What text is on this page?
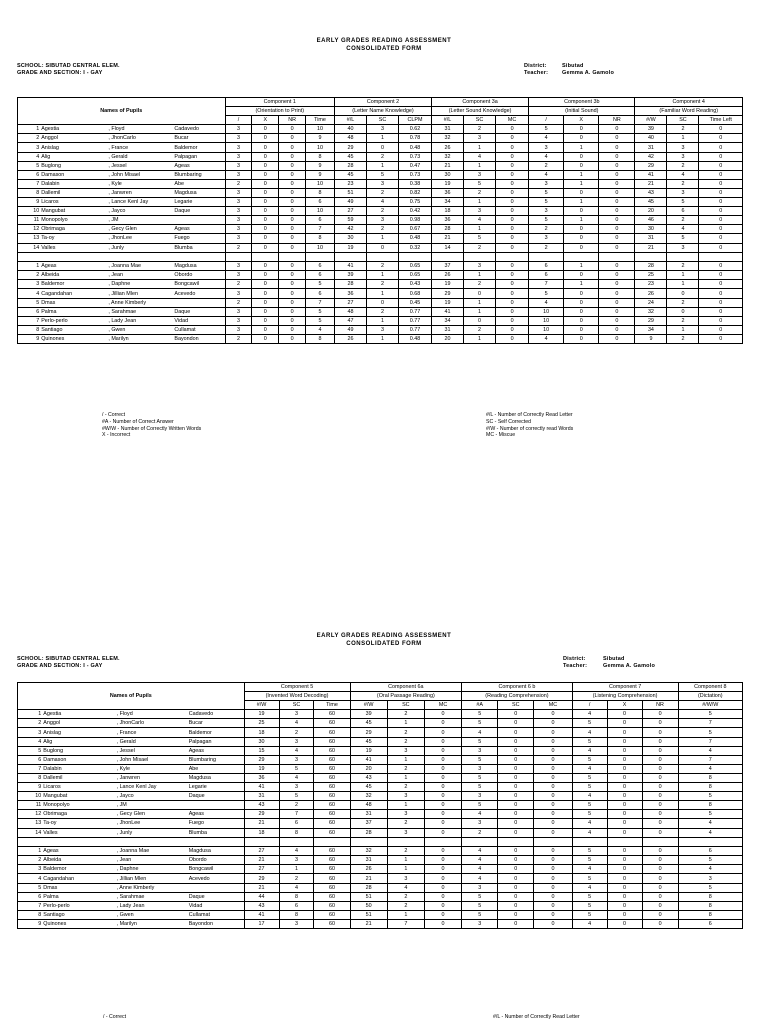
EARLY GRADES READING ASSESSMENT
CONSOLIDATED FORM
SCHOOL: SIBUTAD CENTRAL ELEM.
GRADE AND SECTION: I - GAY
District:	Sibutad
Teacher:	Gemma A. Gamolo
Names of Pupils				Component 1				Component 2			Component 3a			Component 3b			Component 4		
				(Orientation to Print)				(Letter Name Knowledge)			(Letter Sound Knowledge)			(Initial Sound)			(Familiar Word Reading)		
				/	X	NR	Time	#/L	SC	CLPM	#/L	SC	MC	/	X	NR	#/W	SC	Time Left
1	Agestia	, Floyd	Cadavedo	3	0	0	10	40	3	0.62	31	2	0	5	0	0	39	2	0
2	Anggol	, JhonCarlo	Bucar	3	0	0	9	48	1	0.78	32	3	0	4	0	0	40	1	0
3	Anislag	, France	Baldemor	3	0	0	10	29	0	0.48	26	1	0	3	1	0	31	3	0
4	Alig	, Gerald	Palpagan	3	0	0	8	45	2	0.73	32	4	0	4	0	0	42	3	0
5	Buglong	, Jessel	Ageas	3	0	0	9	28	1	0.47	21	1	0	2	0	0	29	2	0
6	Damason	, John Misael	Blumbaring	3	0	0	9	45	5	0.73	30	3	0	4	1	0	41	4	0
7	Dalabin	, Kyle	Abe	2	0	0	10	23	3	0.38	19	5	0	3	1	0	21	2	0
8	Dallemil	, Janwren	Magdusa	3	0	0	8	51	2	0.82	36	2	0	5	0	0	43	3	0
9	Licaros	, Lance Kenl Jay	Legarie	3	0	0	6	49	4	0.75	34	1	0	5	1	0	45	5	0
10	Mangubat	, Jayco	Daque	3	0	0	10	27	2	0.42	18	3	0	3	0	0	20	6	0
11	Monopolyo	, JM		3	0	0	6	59	3	0.98	36	4	0	5	1	0	46	2	0
12	Obrimaga	, Gecy Glen	Ageas	3	0	0	7	42	2	0.67	28	1	0	2	0	0	30	4	0
13	Ta-oy	, JhonLee	Fuego	3	0	0	8	30	1	0.48	21	5	0	3	0	0	31	5	0
14	Valles	, Junly	Blumba	2	0	0	10	19	0	0.32	14	2	0	2	0	0	21	3	0

1	Ageas	, Joanna Mae	Magdusa	3	0	0	6	41	2	0.65	37	3	0	6	1	0	28	2	0
2	Albeida	, Jean	Obordo	3	0	0	6	39	1	0.65	26	1	0	6	0	0	25	1	0
3	Baldemor	, Daphne	Bongcawil	2	0	0	5	28	2	0.43	19	2	0	7	1	0	23	1	0
4	Cagandahan	, Jillian Mlen	Acevedo	3	0	0	6	36	1	0.68	29	0	0	5	0	0	26	0	0
5	Dmas	, Anne Kimberly		2	0	0	7	27	0	0.45	19	1	0	4	0	0	24	2	0
6	Palma	, Sarahmae	Daque	3	0	0	5	48	2	0.77	41	1	0	10	0	0	32	0	0
7	Perlo-perlo	, Lady Jean	Vidad	3	0	0	5	47	1	0.77	34	0	0	10	0	0	29	2	0
8	Santiago	, Gwen	Cullamat	3	0	0	4	49	3	0.77	31	2	0	10	0	0	34	1	0
9	Quinones	, Marilyn	Bayondon	2	0	0	8	26	1	0.48	20	1	0	4	0	0	9	2	0
/ - Correct
#A - Number of Correct Answer
#W/W - Number of Correctly Written Words
X - Incorrect
#/L - Number of Correctly Read Letter
SC - Self Corrected
#/W - Number of correctly read Words
MC - Miscue
EARLY GRADES READING ASSESSMENT
CONSOLIDATED FORM
SCHOOL: SIBUTAD CENTRAL ELEM.
GRADE AND SECTION: I - GAY
District:	Sibutad
Teacher:	Gemma A. Gamolo
Names of Pupils				Component 5			Component 6a			Component 6 b			Component 7			Component 8
				(Invented Word Decoding)			(Oral Passage Reading)			(Reading Comprehension)			(Listening Comprehension)			(Dictation)
				#/W	SC	Time	#/W	SC	MC	#A	SC	MC	/	X	NR	#/W/W
1	Agestia	, Floyd	Cadavedo	19	3	60	39	2	0	5	0	0	4	0	0	5
2	Anggol	, JhonCarlo	Bucar	25	4	60	45	1	0	5	0	0	5	0	0	7
3	Anislag	, France	Baldemor	18	2	60	29	2	0	4	0	0	4	0	0	5
4	Alig	, Gerald	Palpagan	30	3	60	45	2	0	5	0	0	5	0	0	7
5	Buglong	, Jessel	Ageas	15	4	60	19	3	0	3	0	0	4	0	0	4
6	Damason	, John Misael	Blumbaring	29	3	60	41	1	0	5	0	0	5	0	0	7
7	Dalabin	, Kyle	Abe	19	5	60	20	2	0	3	0	0	4	0	0	4
8	Dallemil	, Janwren	Magdusa	36	4	60	43	1	0	5	0	0	5	0	0	8
9	Licaros	, Lance Kenl Jay	Legarie	41	3	60	45	2	0	5	0	0	5	0	0	8
10	Mangubat	, Jayco	Daque	31	5	60	32	3	0	3	0	0	4	0	0	5
11	Monopolyo	, JM		43	2	60	48	1	0	5	0	0	5	0	0	8
12	Obrimaga	, Gecy Glen	Ageas	29	7	60	31	3	0	4	0	0	5	0	0	5
13	Ta-oy	, JhonLee	Fuego	21	6	60	37	2	0	3	0	0	4	0	0	4
14	Valles	, Junly	Blumba	18	8	60	28	3	0	2	0	0	4	0	0	4

1	Ageas	, Joanna Mae	Magdusa	27	4	60	32	2	0	4	0	0	5	0	0	6
2	Albeida	, Jean	Obordo	21	3	60	31	1	0	4	0	0	5	0	0	5
3	Baldemor	, Daphne	Bongcawil	27	1	60	26	1	0	4	0	0	4	0	0	4
4	Cagandahan	, Jillian Mlen	Acevedo	29	2	60	21	3	0	4	0	0	5	0	0	3
5	Dmas	, Anne Kimberly		21	4	60	28	4	0	3	0	0	4	0	0	5
6	Palma	, Sarahmae	Daque	44	8	60	51	2	0	5	0	0	5	0	0	8
7	Perlo-perlo	, Lady Jean	Vidad	43	6	60	50	2	0	5	0	0	5	0	0	8
8	Santiago	, Gwen	Cullamat	41	8	60	51	1	0	5	0	0	5	0	0	8
9	Quinones	, Marilyn	Bayondon	17	3	60	21	7	0	3	0	0	4	0	0	6
/ - Correct	#/L - Number of Correctly Read Letter
